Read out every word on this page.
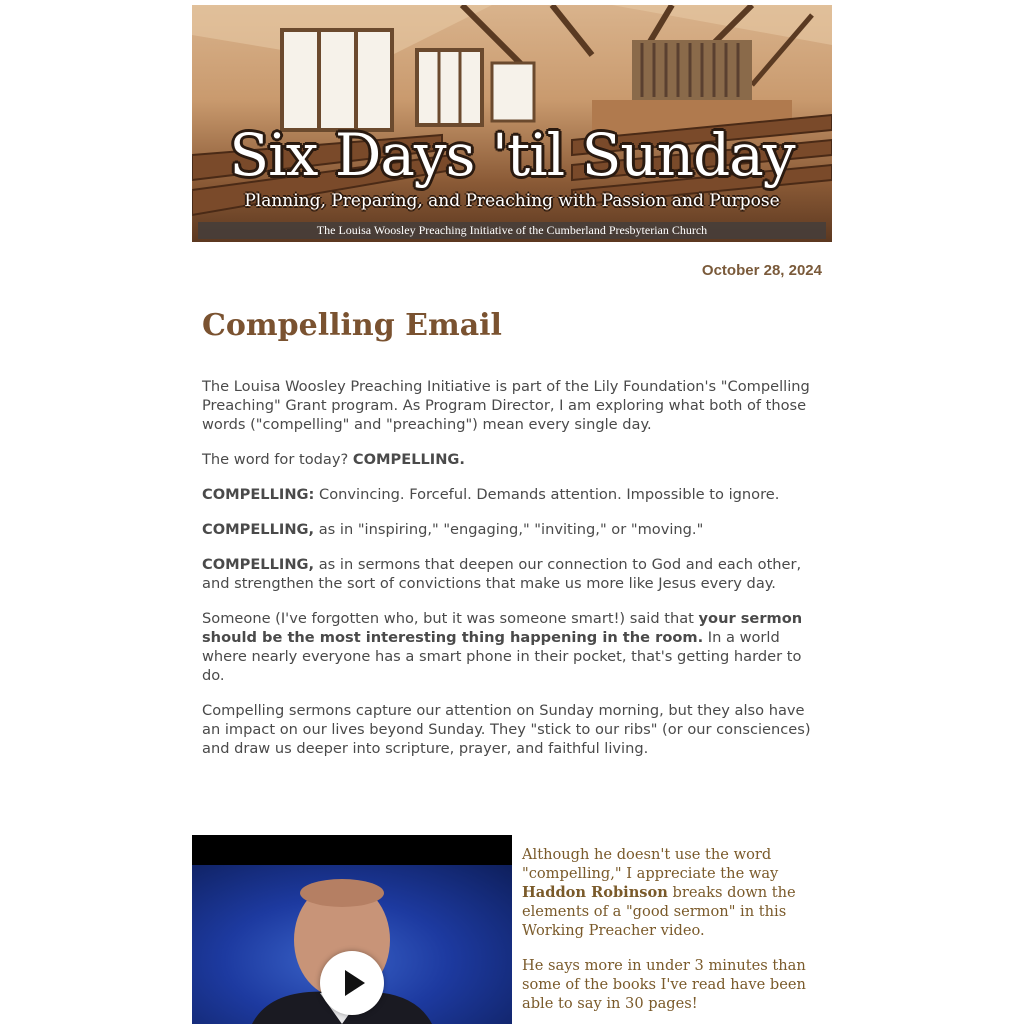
Six Days 'til Sunday
Planning, Preparing, and Preaching with Passion and Purpose
The Louisa Woosley Preaching Initiative of the Cumberland Presbyterian Church
October 28, 2024
Compelling Email

The Louisa Woosley Preaching Initiative is part of the Lily Foundation's "Compelling Preaching" Grant program. As Program Director, I am exploring what both of those words ("compelling" and "preaching") mean every single day.

The word for today? COMPELLING.

COMPELLING: Convincing. Forceful. Demands attention. Impossible to ignore.

COMPELLING, as in "inspiring," "engaging," "inviting," or "moving."

COMPELLING, as in sermons that deepen our connection to God and each other, and strengthen the sort of convictions that make us more like Jesus every day.

Someone (I've forgotten who, but it was someone smart!) said that your sermon should be the most interesting thing happening in the room. In a world where nearly everyone has a smart phone in their pocket, that's getting harder to do.

Compelling sermons capture our attention on Sunday morning, but they also have an impact on our lives beyond Sunday. They "stick to our ribs" (or our consciences) and draw us deeper into scripture, prayer, and faithful living.

Although he doesn't use the word "compelling," I appreciate the way Haddon Robinson breaks down the elements of a "good sermon" in this Working Preacher video.

He says more in under 3 minutes than some of the books I've read have been able to say in 30 pages!
